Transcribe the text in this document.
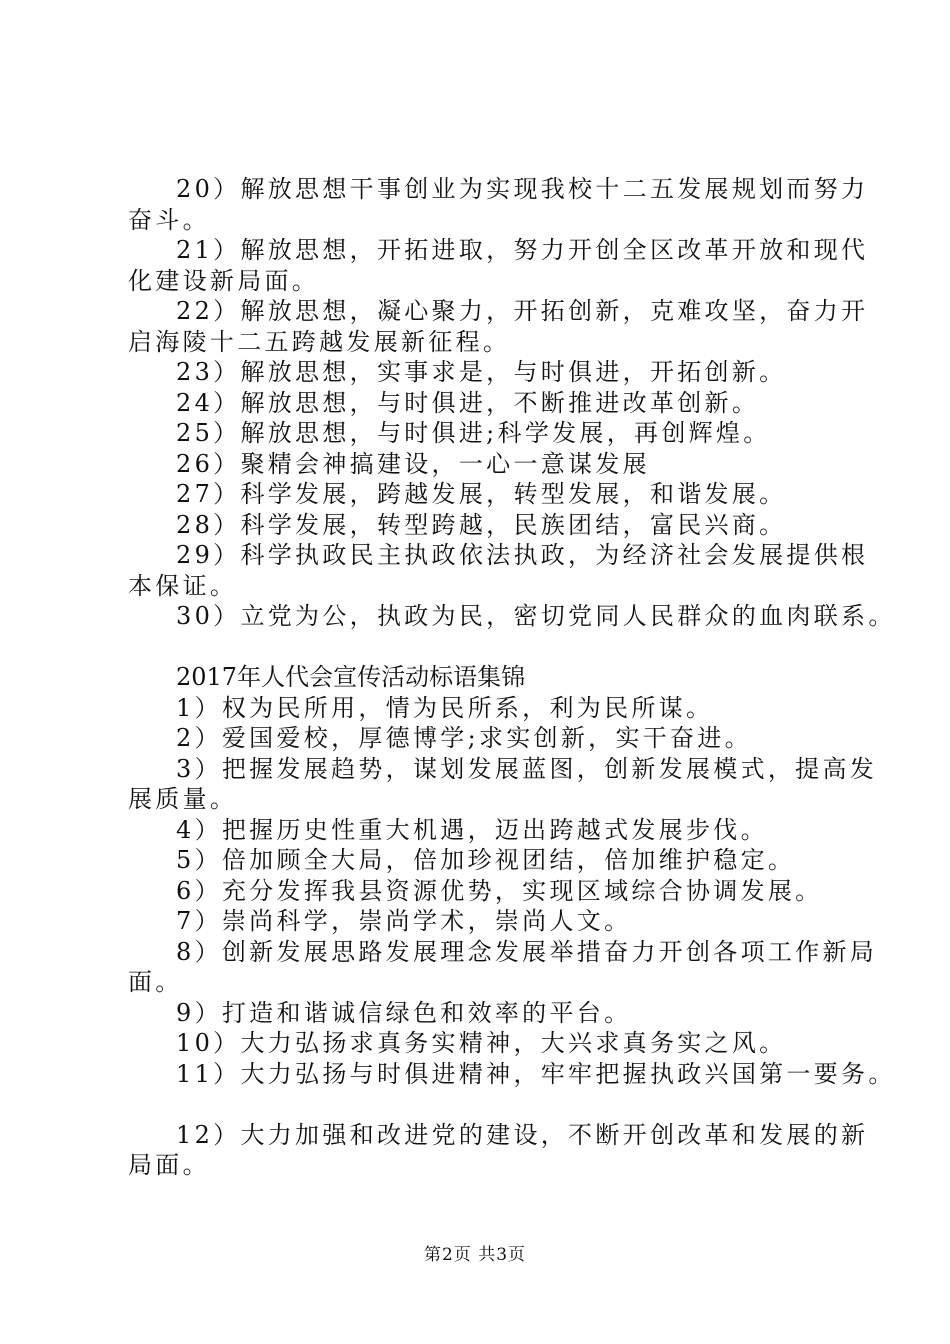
20）解放思想干事创业为实现我校十二五发展规划而努力
奋斗。
21）解放思想，开拓进取，努力开创全区改革开放和现代
化建设新局面。
22）解放思想，凝心聚力，开拓创新，克难攻坚，奋力开
启海陵十二五跨越发展新征程。
23）解放思想，实事求是，与时俱进，开拓创新。
24）解放思想，与时俱进，不断推进改革创新。
25）解放思想，与时俱进;科学发展，再创辉煌。
26）聚精会神搞建设，一心一意谋发展
27）科学发展，跨越发展，转型发展，和谐发展。
28）科学发展，转型跨越，民族团结，富民兴商。
29）科学执政民主执政依法执政，为经济社会发展提供根
本保证。
30）立党为公，执政为民，密切党同人民群众的血肉联系。
2017年人代会宣传活动标语集锦
1）权为民所用，情为民所系，利为民所谋。
2）爱国爱校，厚德博学;求实创新，实干奋进。
3）把握发展趋势，谋划发展蓝图，创新发展模式，提高发
展质量。
4）把握历史性重大机遇，迈出跨越式发展步伐。
5）倍加顾全大局，倍加珍视团结，倍加维护稳定。
6）充分发挥我县资源优势，实现区域综合协调发展。
7）崇尚科学，崇尚学术，崇尚人文。
8）创新发展思路发展理念发展举措奋力开创各项工作新局
面。
9）打造和谐诚信绿色和效率的平台。
10）大力弘扬求真务实精神，大兴求真务实之风。
11）大力弘扬与时俱进精神，牢牢把握执政兴国第一要务。
12）大力加强和改进党的建设，不断开创改革和发展的新
局面。
第2页 共3页
